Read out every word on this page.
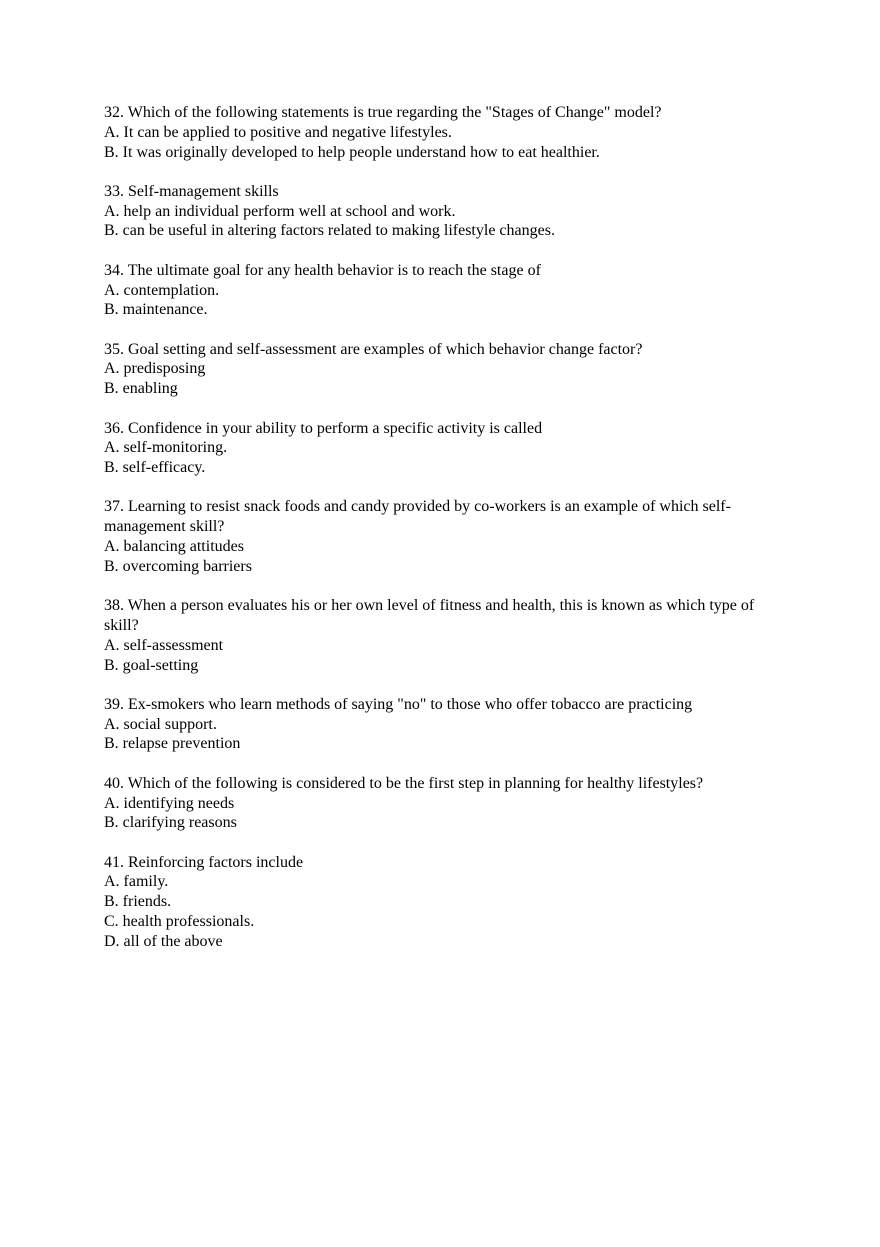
32. Which of the following statements is true regarding the "Stages of Change" model?
A. It can be applied to positive and negative lifestyles.
B. It was originally developed to help people understand how to eat healthier.
33. Self-management skills
A. help an individual perform well at school and work.
B. can be useful in altering factors related to making lifestyle changes.
34. The ultimate goal for any health behavior is to reach the stage of
A. contemplation.
B. maintenance.
35. Goal setting and self-assessment are examples of which behavior change factor?
A. predisposing
B. enabling
36. Confidence in your ability to perform a specific activity is called
A. self-monitoring.
B. self-efficacy.
37. Learning to resist snack foods and candy provided by co-workers is an example of which self-management skill?
A. balancing attitudes
B. overcoming barriers
38. When a person evaluates his or her own level of fitness and health, this is known as which type of skill?
A. self-assessment
B. goal-setting
39. Ex-smokers who learn methods of saying "no" to those who offer tobacco are practicing
A. social support.
B. relapse prevention
40. Which of the following is considered to be the first step in planning for healthy lifestyles?
A. identifying needs
B. clarifying reasons
41. Reinforcing factors include
A. family.
B. friends.
C. health professionals.
D. all of the above
